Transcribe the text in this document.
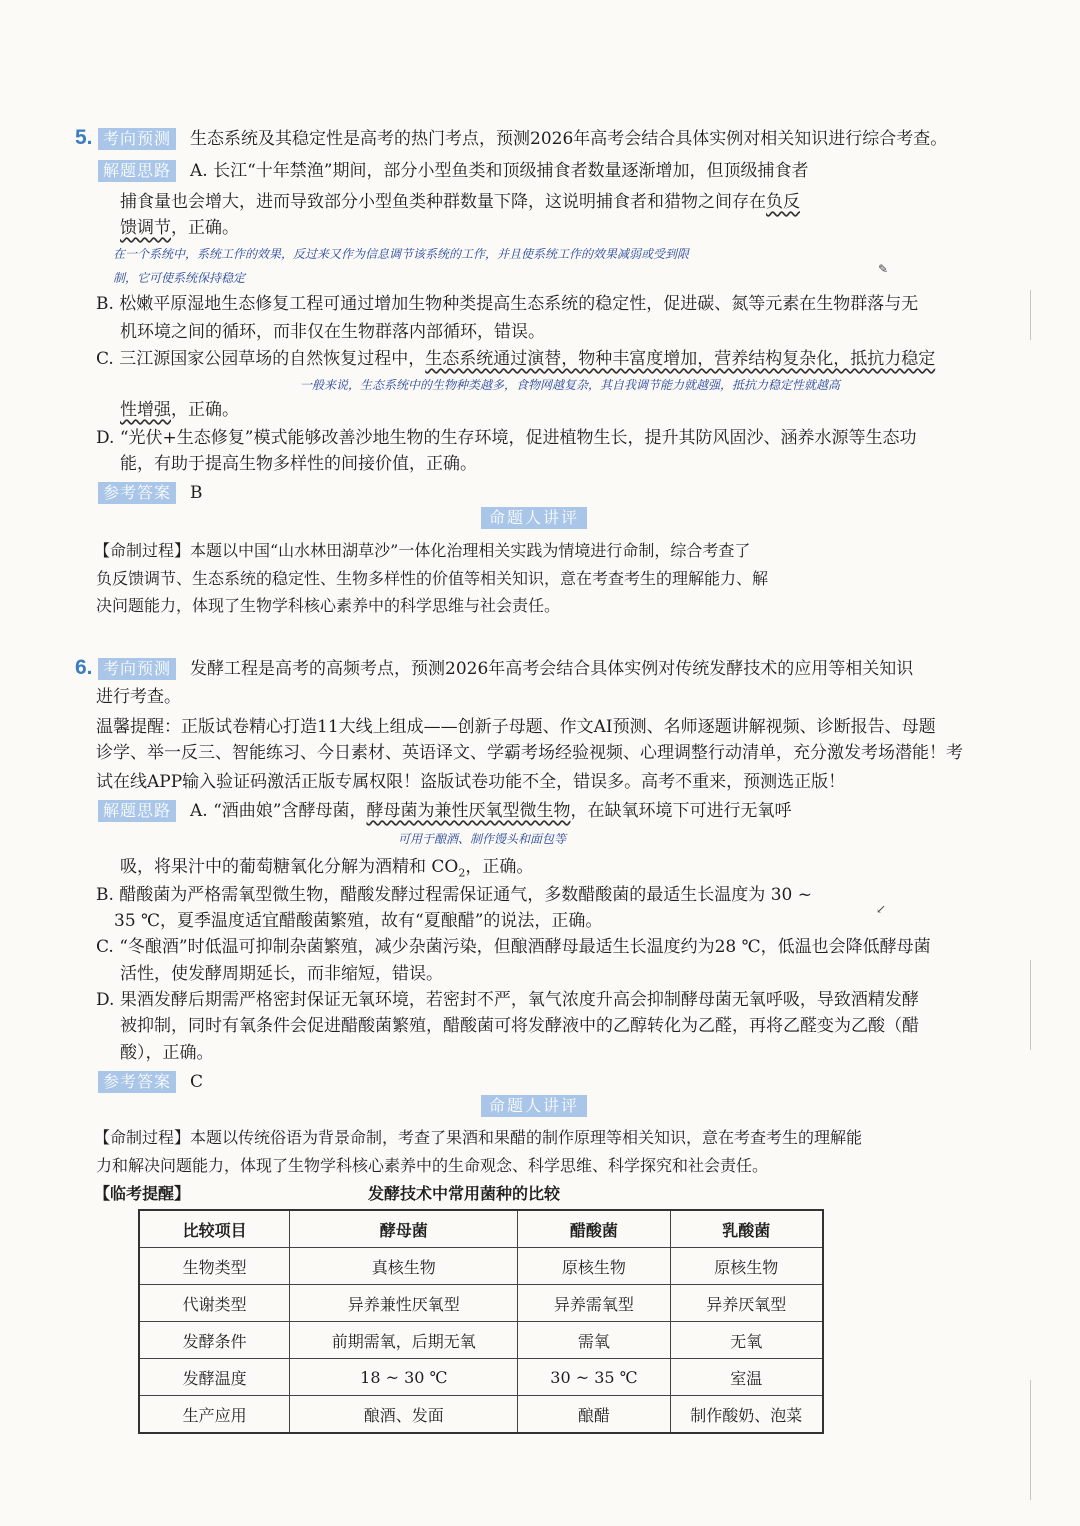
5. 考向预测 生态系统及其稳定性是高考的热门考点，预测2026年高考会结合具体实例对相关知识进行综合考查。
解题思路 A. 长江“十年禁渔”期间，部分小型鱼类和顶级捕食者数量逐渐增加，但顶级捕食者
捕食量也会增大，进而导致部分小型鱼类种群数量下降，这说明捕食者和猎物之间存在负反
馈调节，正确。
在一个系统中，系统工作的效果，反过来又作为信息调节该系统的工作，并且使系统工作的效果减弱或受到限
制，它可使系统保持稳定
✎
B. 松嫩平原湿地生态修复工程可通过增加生物种类提高生态系统的稳定性，促进碳、氮等元素在生物群落与无
机环境之间的循环，而非仅在生物群落内部循环，错误。
C. 三江源国家公园草场的自然恢复过程中，生态系统通过演替，物种丰富度增加，营养结构复杂化，抵抗力稳定
一般来说，生态系统中的生物种类越多，食物网越复杂，其自我调节能力就越强，抵抗力稳定性就越高
性增强，正确。
D. “光伏+生态修复”模式能够改善沙地生物的生存环境，促进植物生长，提升其防风固沙、涵养水源等生态功
能，有助于提高生物多样性的间接价值，正确。
参考答案 B
命题人讲评
【命制过程】本题以中国“山水林田湖草沙”一体化治理相关实践为情境进行命制，综合考查了
负反馈调节、生态系统的稳定性、生物多样性的价值等相关知识，意在考查考生的理解能力、解
决问题能力，体现了生物学科核心素养中的科学思维与社会责任。
6. 考向预测 发酵工程是高考的高频考点，预测2026年高考会结合具体实例对传统发酵技术的应用等相关知识
进行考查。
温馨提醒：正版试卷精心打造11大线上组成——创新子母题、作文AI预测、名师逐题讲解视频、诊断报告、母题
诊学、举一反三、智能练习、今日素材、英语译文、学霸考场经验视频、心理调整行动清单，充分激发考场潜能！考
试在线APP输入验证码激活正版专属权限！盗版试卷功能不全，错误多。高考不重来，预测选正版！
解题思路 A. “酒曲娘”含酵母菌，酵母菌为兼性厌氧型微生物，在缺氧环境下可进行无氧呼
可用于酿酒、制作馒头和面包等
吸，将果汁中的葡萄糖氧化分解为酒精和 $CO_2$，正确。
B. 醋酸菌为严格需氧型微生物，醋酸发酵过程需保证通气，多数醋酸菌的最适生长温度为 30 ~
↙
35 ℃，夏季温度适宜醋酸菌繁殖，故有“夏酿醋”的说法，正确。
C. “冬酿酒”时低温可抑制杂菌繁殖，减少杂菌污染，但酿酒酵母最适生长温度约为28 ℃，低温也会降低酵母菌
活性，使发酵周期延长，而非缩短，错误。
D. 果酒发酵后期需严格密封保证无氧环境，若密封不严，氧气浓度升高会抑制酵母菌无氧呼吸，导致酒精发酵
被抑制，同时有氧条件会促进醋酸菌繁殖，醋酸菌可将发酵液中的乙醇转化为乙醛，再将乙醛变为乙酸（醋
酸），正确。
参考答案 C
命题人讲评
【命制过程】本题以传统俗语为背景命制，考查了果酒和果醋的制作原理等相关知识，意在考查考生的理解能
力和解决问题能力，体现了生物学科核心素养中的生命观念、科学思维、科学探究和社会责任。
【临考提醒】	发酵技术中常用菌种的比较
比较项目	酵母菌	醋酸菌	乳酸菌
生物类型	真核生物	原核生物	原核生物
代谢类型	异养兼性厌氧型	异养需氧型	异养厌氧型
发酵条件	前期需氧，后期无氧	需氧	无氧
发酵温度	18 ~ 30 ℃	30 ~ 35 ℃	室温
生产应用	酿酒、发面	酿醋	制作酸奶、泡菜
